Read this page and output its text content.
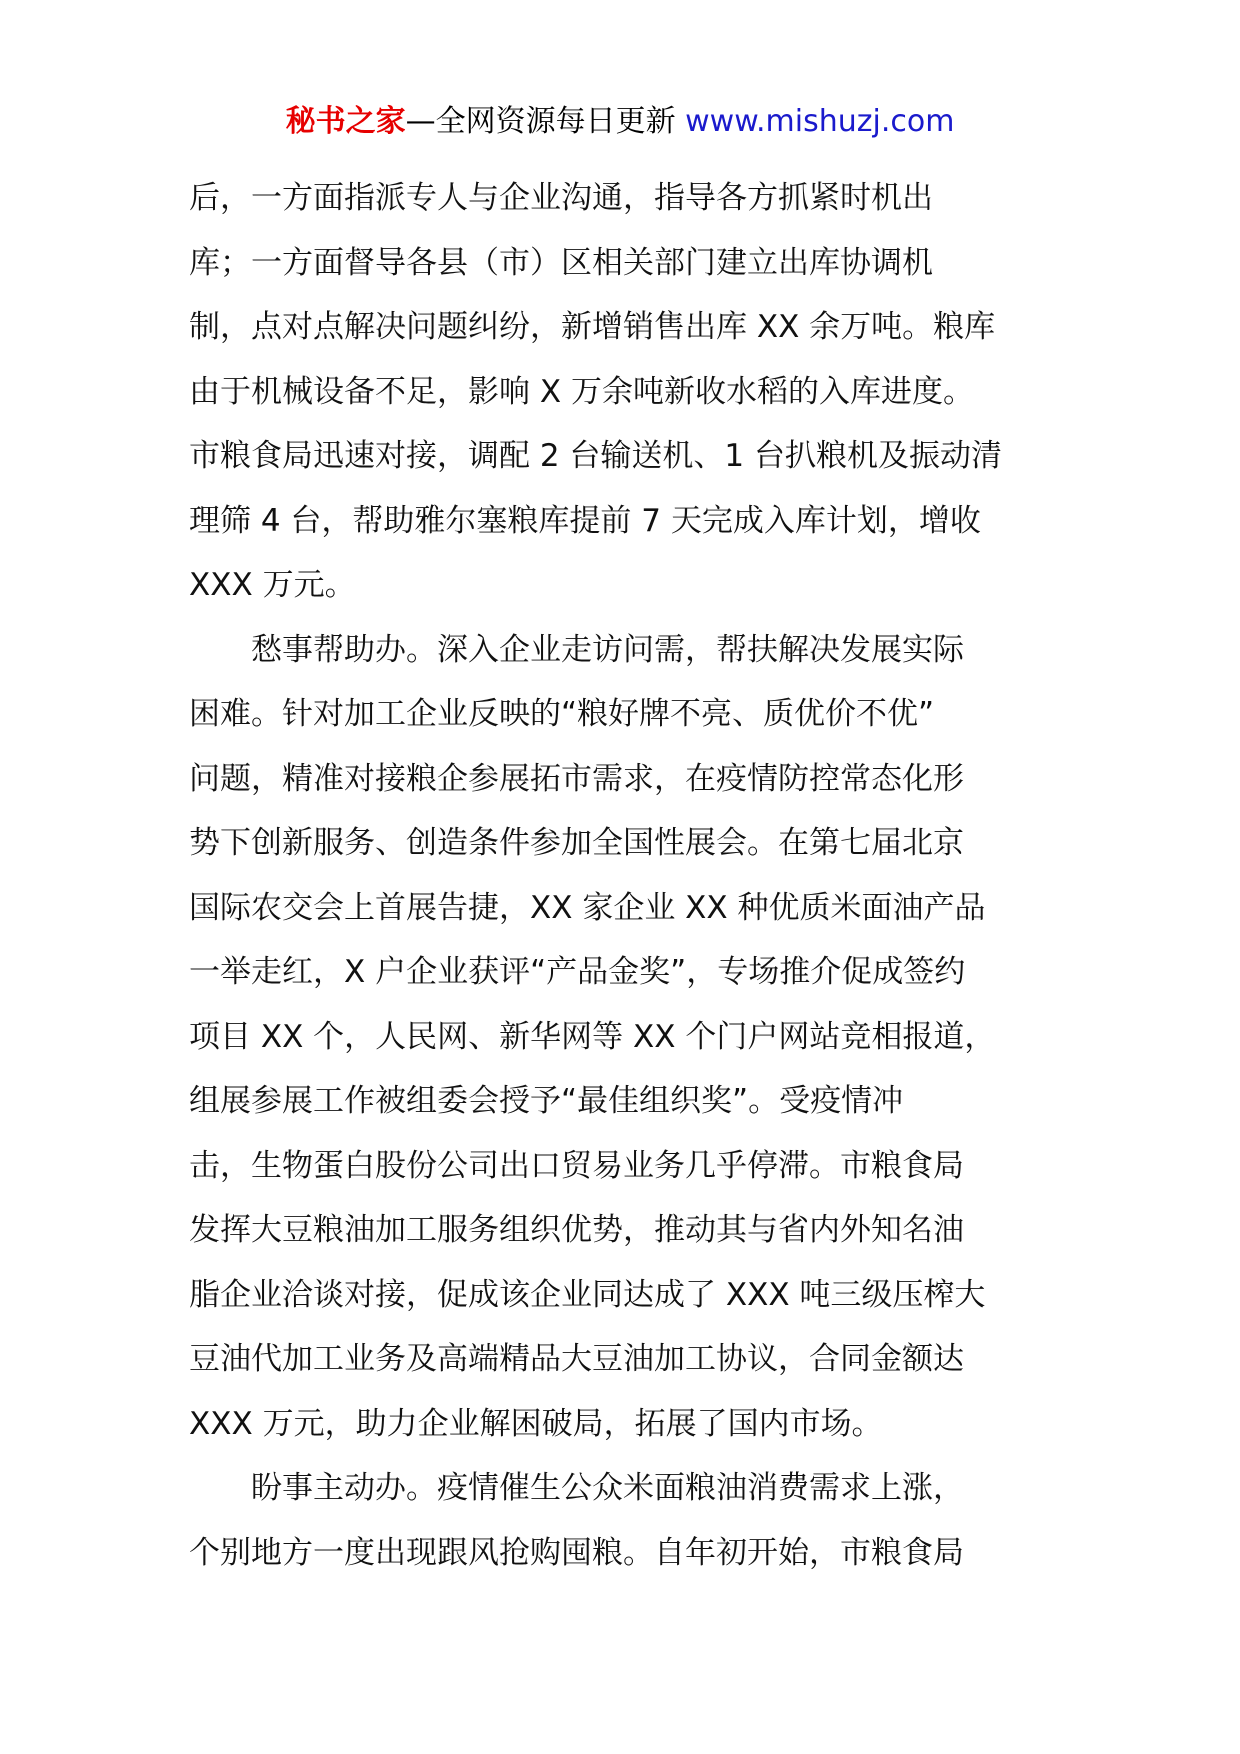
秘书之家—全网资源每日更新 www.mishuzj.com
后，一方面指派专人与企业沟通，指导各方抓紧时机出
库；一方面督导各县（市）区相关部门建立出库协调机
制，点对点解决问题纠纷，新增销售出库 XX 余万吨。粮库
由于机械设备不足，影响 X 万余吨新收水稻的入库进度。
市粮食局迅速对接，调配 2 台输送机、1 台扒粮机及振动清
理筛 4 台，帮助雅尔塞粮库提前 7 天完成入库计划，增收
XXX 万元。
愁事帮助办。深入企业走访问需，帮扶解决发展实际
困难。针对加工企业反映的“粮好牌不亮、质优价不优”
问题，精准对接粮企参展拓市需求，在疫情防控常态化形
势下创新服务、创造条件参加全国性展会。在第七届北京
国际农交会上首展告捷，XX 家企业 XX 种优质米面油产品
一举走红，X 户企业获评“产品金奖”，专场推介促成签约
项目 XX 个，人民网、新华网等 XX 个门户网站竞相报道，
组展参展工作被组委会授予“最佳组织奖”。受疫情冲
击，生物蛋白股份公司出口贸易业务几乎停滞。市粮食局
发挥大豆粮油加工服务组织优势，推动其与省内外知名油
脂企业洽谈对接，促成该企业同达成了 XXX 吨三级压榨大
豆油代加工业务及高端精品大豆油加工协议，合同金额达
XXX 万元，助力企业解困破局，拓展了国内市场。
盼事主动办。疫情催生公众米面粮油消费需求上涨，
个别地方一度出现跟风抢购囤粮。自年初开始，市粮食局
